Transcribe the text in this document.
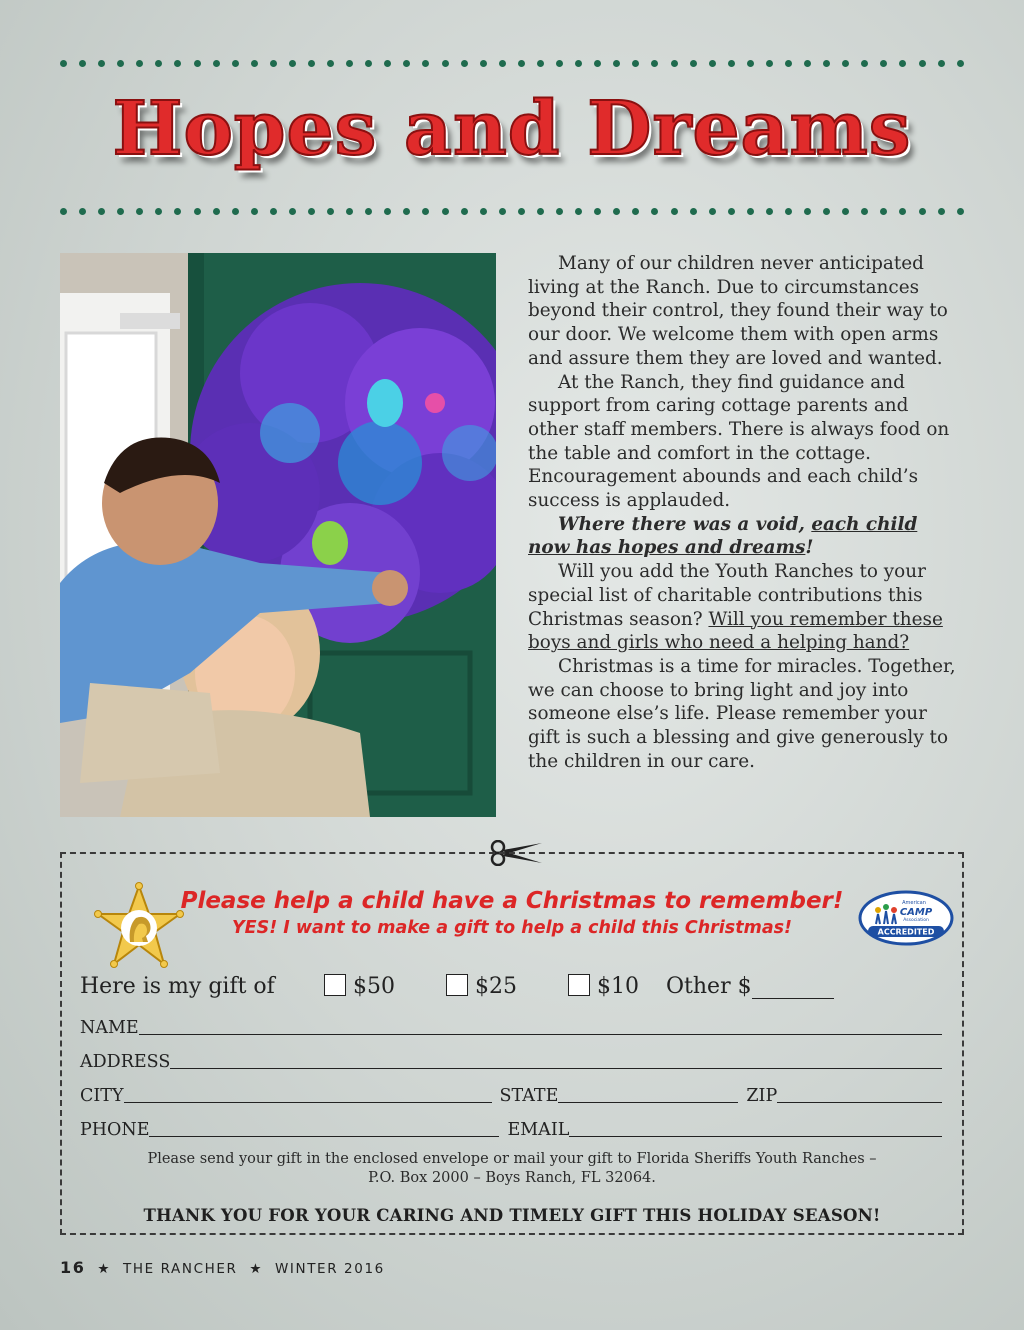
Hopes and Dreams

Many of our children never anticipated living at the Ranch. Due to circumstances beyond their control, they found their way to our door. We welcome them with open arms and assure them they are loved and wanted.

At the Ranch, they find guidance and support from caring cottage parents and other staff members. There is always food on the table and comfort in the cottage. Encouragement abounds and each child’s success is applauded.

Where there was a void, each child now has hopes and dreams!

Will you add the Youth Ranches to your special list of charitable contributions this Christmas season? Will you remember these boys and girls who need a helping hand?

Christmas is a time for miracles. Together, we can choose to bring light and joy into someone else’s life. Please remember your gift is such a blessing and give generously to the children in our care.

Please help a child have a Christmas to remember!
YES! I want to make a gift to help a child this Christmas!
American
CAMP
Association
ACCREDITED
Here is my gift of	$50	$25	$10 Other $
NAME
ADDRESS
CITY	STATE	ZIP
PHONE	EMAIL
Please send your gift in the enclosed envelope or mail your gift to Florida Sheriffs Youth Ranches –
P.O. Box 2000 – Boys Ranch, FL 32064.
THANK YOU FOR YOUR CARING AND TIMELY GIFT THIS HOLIDAY SEASON!
16 ★ THE RANCHER ★ WINTER 2016
